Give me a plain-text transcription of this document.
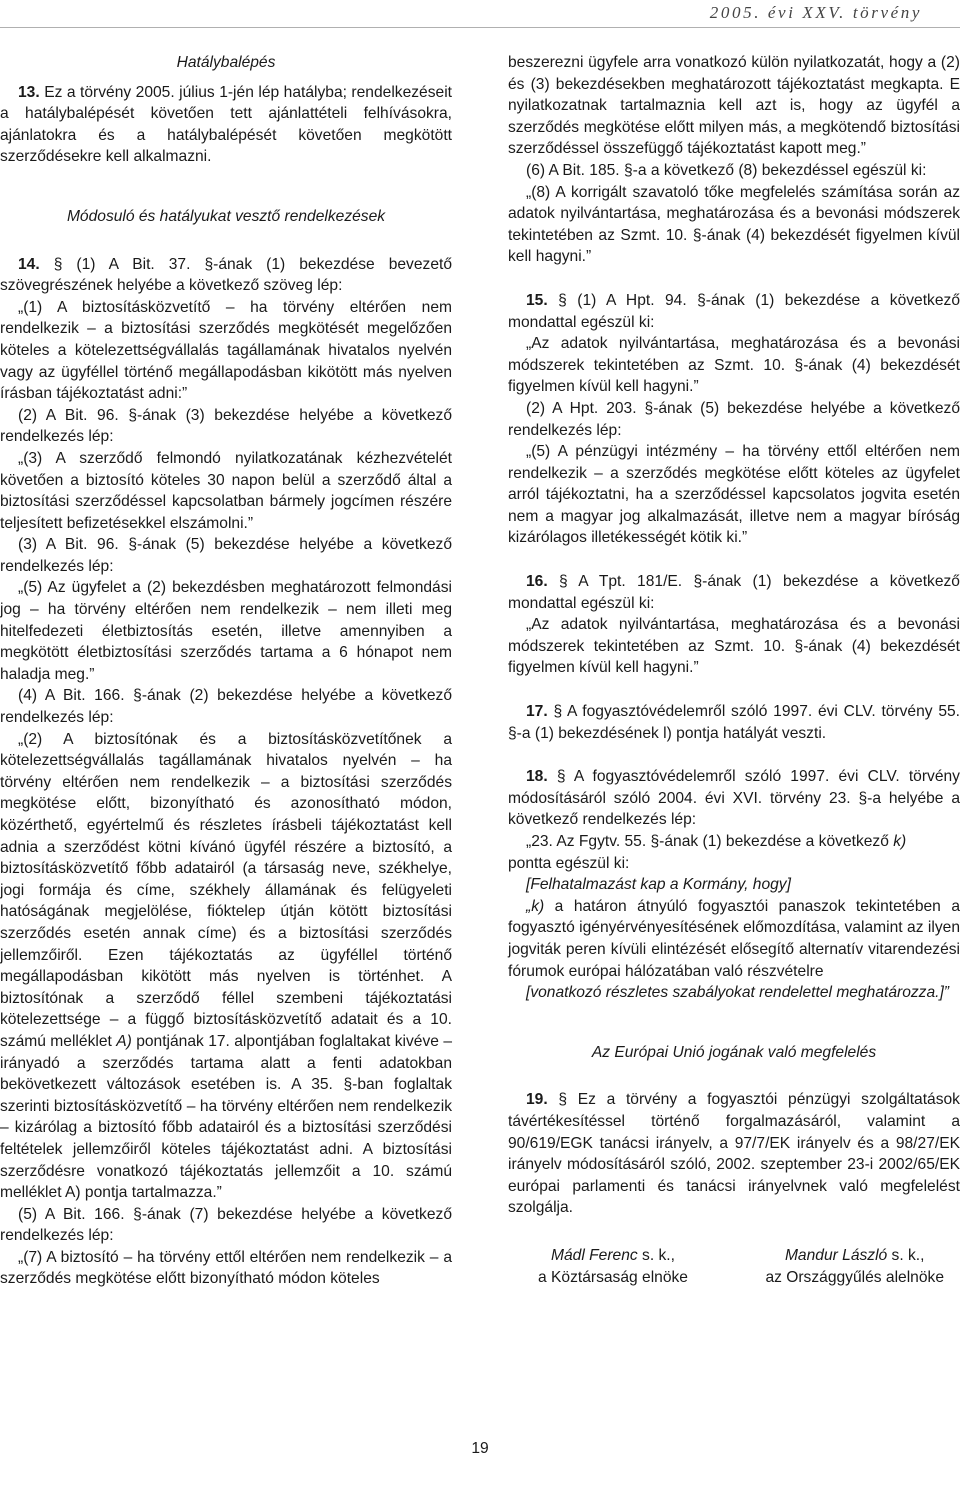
2005. évi XXV. törvény

Hatálybalépés

13. Ez a törvény 2005. július 1-jén lép hatályba; rendelkezéseit a hatálybalépését követően tett ajánlattételi felhívásokra, ajánlatokra és a hatálybalépését követően megkötött szerződésekre kell alkalmazni.

Módosuló és hatályukat vesztő rendelkezések

14. § (1) A Bit. 37. §-ának (1) bekezdése bevezető szövegrészének helyébe a következő szöveg lép:

„(1) A biztosításközvetítő – ha törvény eltérően nem rendelkezik – a biztosítási szerződés megkötését megelőzően köteles a kötelezettségvállalás tagállamának hivatalos nyelvén vagy az ügyféllel történő megállapodásban kikötött más nyelven írásban tájékoztatást adni:”

(2) A Bit. 96. §-ának (3) bekezdése helyébe a következő rendelkezés lép:

„(3) A szerződő felmondó nyilatkozatának kézhezvételét követően a biztosító köteles 30 napon belül a szerződő által a biztosítási szerződéssel kapcsolatban bármely jogcímen részére teljesített befizetésekkel elszámolni.”

(3) A Bit. 96. §-ának (5) bekezdése helyébe a következő rendelkezés lép:

„(5) Az ügyfelet a (2) bekezdésben meghatározott felmondási jog – ha törvény eltérően nem rendelkezik – nem illeti meg hitelfedezeti életbiztosítás esetén, illetve amennyiben a megkötött életbiztosítási szerződés tartama a 6 hónapot nem haladja meg.”

(4) A Bit. 166. §-ának (2) bekezdése helyébe a következő rendelkezés lép:

„(2) A biztosítónak és a biztosításközvetítőnek a kötelezettségvállalás tagállamának hivatalos nyelvén – ha törvény eltérően nem rendelkezik – a biztosítási szerződés megkötése előtt, bizonyítható és azonosítható módon, közérthető, egyértelmű és részletes írásbeli tájékoztatást kell adnia a szerződést kötni kívánó ügyfél részére a biztosító, a biztosításközvetítő főbb adatairól (a társaság neve, székhelye, jogi formája és címe, székhely államának és felügyeleti hatóságának megjelölése, fióktelep útján kötött biztosítási szerződés esetén annak címe) és a biztosítási szerződés jellemzőiről. Ezen tájékoztatás az ügyféllel történő megállapodásban kikötött más nyelven is történhet. A biztosítónak a szerződő féllel szembeni tájékoztatási kötelezettsége – a függő biztosításközvetítő adatait és a 10. számú melléklet A) pontjának 17. alpontjában foglaltakat kivéve – irányadó a szerződés tartama alatt a fenti adatokban bekövetkezett változások esetében is. A 35. §-ban foglaltak szerinti biztosításközvetítő – ha törvény eltérően nem rendelkezik – kizárólag a biztosító főbb adatairól és a biztosítási szerződési feltételek jellemzőiről köteles tájékoztatást adni. A biztosítási szerződésre vonatkozó tájékoztatás jellemzőit a 10. számú melléklet A) pontja tartalmazza.”

(5) A Bit. 166. §-ának (7) bekezdése helyébe a következő rendelkezés lép:

„(7) A biztosító – ha törvény ettől eltérően nem rendelkezik – a szerződés megkötése előtt bizonyítható módon köteles

beszerezni ügyfele arra vonatkozó külön nyilatkozatát, hogy a (2) és (3) bekezdésekben meghatározott tájékoztatást megkapta. E nyilatkozatnak tartalmaznia kell azt is, hogy az ügyfél a szerződés megkötése előtt milyen más, a megkötendő biztosítási szerződéssel összefüggő tájékoztatást kapott meg.”

(6) A Bit. 185. §-a a következő (8) bekezdéssel egészül ki:

„(8) A korrigált szavatoló tőke megfelelés számítása során az adatok nyilvántartása, meghatározása és a bevonási módszerek tekintetében az Szmt. 10. §-ának (4) bekezdését figyelmen kívül kell hagyni.”

15. § (1) A Hpt. 94. §-ának (1) bekezdése a következő mondattal egészül ki:

„Az adatok nyilvántartása, meghatározása és a bevonási módszerek tekintetében az Szmt. 10. §-ának (4) bekezdését figyelmen kívül kell hagyni.”

(2) A Hpt. 203. §-ának (5) bekezdése helyébe a következő rendelkezés lép:

„(5) A pénzügyi intézmény – ha törvény ettől eltérően nem rendelkezik – a szerződés megkötése előtt köteles az ügyfelet arról tájékoztatni, ha a szerződéssel kapcsolatos jogvita esetén nem a magyar jog alkalmazását, illetve nem a magyar bíróság kizárólagos illetékességét kötik ki.”

16. § A Tpt. 181/E. §-ának (1) bekezdése a következő mondattal egészül ki:

„Az adatok nyilvántartása, meghatározása és a bevonási módszerek tekintetében az Szmt. 10. §-ának (4) bekezdését figyelmen kívül kell hagyni.”

17. § A fogyasztóvédelemről szóló 1997. évi CLV. törvény 55. §-a (1) bekezdésének l) pontja hatályát veszti.

18. § A fogyasztóvédelemről szóló 1997. évi CLV. törvény módosításáról szóló 2004. évi XVI. törvény 23. §-a helyébe a következő rendelkezés lép:

„23. Az Fgytv. 55. §-ának (1) bekezdése a következő k)
pontta egészül ki:

[Felhatalmazást kap a Kormány, hogy]

„k) a határon átnyúló fogyasztói panaszok tekintetében a fogyasztó igényérvényesítésének előmozdítása, valamint az ilyen jogviták peren kívüli elintézését elősegítő alternatív vitarendezési fórumok európai hálózatában való részvételre

[vonatkozó részletes szabályokat rendelettel meghatározza.]”

Az Európai Unió jogának való megfelelés

19. § Ez a törvény a fogyasztói pénzügyi szolgáltatások távértékesítéssel történő forgalmazásáról, valamint a 90/619/EGK tanácsi irányelv, a 97/7/EK irányelv és a 98/27/EK irányelv módosításáról szóló, 2002. szeptember 23-i 2002/65/EK európai parlamenti és tanácsi irányelvnek való megfelelést szolgálja.

Mádl Ferenc s. k.,
a Köztársaság elnöke
Mandur László s. k.,
az Országgyűlés alelnöke
19
